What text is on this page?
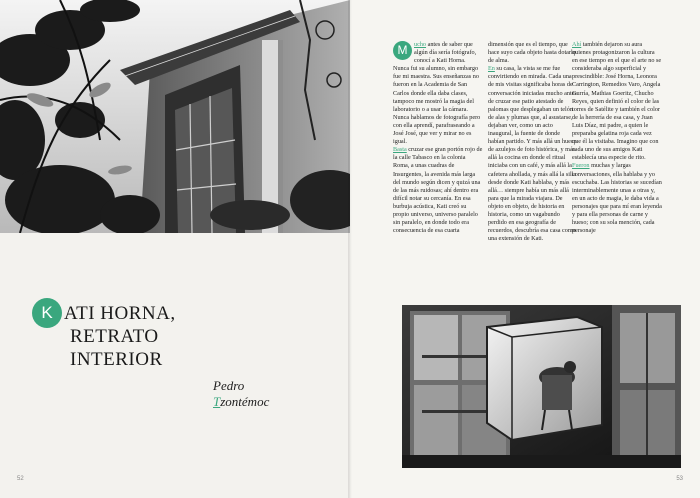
K ATI HORNA,

RETRATO

INTERIOR

Pedro
Tzontémoc
52

M	ucho antes de saber que algún día sería fotógrafo, conocí a Kati Horna. Nunca fui su alumno, sin embargo fue mi maestra. Sus enseñanzas no fueron en la Academia de San Carlos donde ella daba clases, tampoco me mostró la magia del laboratorio o a usar la cámara. Nunca hablamos de fotografía pero con ella aprendí, parafraseando a José José, que ver y mirar no es igual.

Basta cruzar ese gran portón rojo de la calle Tabasco en la colonia Roma, a unas cuadras de Insurgentes, la avenida más larga del mundo según dicen y quizá una de las más ruidosas; ahí dentro era difícil notar su cercanía. En esa burbuja acústica, Kati creó su propio universo, universo paralelo sin paralelo, en donde todo era consecuencia de esa cuarta

dimensión que es el tiempo, que hace suyo cada objeto hasta dotarlo de alma.

En su casa, la vista se me fue convirtiendo en mirada. Cada una de mis visitas significaba horas de conversación iniciadas mucho antes de cruzar ese patio atestado de palomas que desplegaban un telón de alas y plumas que, al asustarse, dejaban ver, como un acto inaugural, la fuente de donde habían partido. Y más allá un hueco de azulejos de foto histórica, y más allá la cocina en donde el ritual iniciaba con un café, y más allá la cafetera ahollada, y más allá la silla desde donde Kati hablaba, y más allá… siempre había un más allá para que la mirada viajara. De objeto en objeto, de historia en historia, como un vagabundo perdido en esa geografía de recuerdos, descubría esa casa como una extensión de Kati.

Ahí también dejaron su aura quienes protagonizaron la cultura en ese tiempo en el que el arte no se consideraba algo superficial y prescindible: José Horna, Leonora Carrington, Remedios Varo, Angela Gurría, Mathias Goeritz, Chucho Reyes, quien definió el color de las torres de Satélite y también el color de la herrería de esa casa, y Juan Luis Díaz, mi padre, a quien le preparaba gelatina roja cada vez que él la visitaba. Imagino que con cada uno de sus amigos Kati establecía una especie de rito.

Fueron muchas y largas conversaciones, ella hablaba y yo escuchaba. Las historias se sucedían interminablemente unas a otras y, en un acto de magia, le daba vida a personajes que para mí eran leyenda y para ella personas de carne y hueso; con su sola mención, cada personaje

53
